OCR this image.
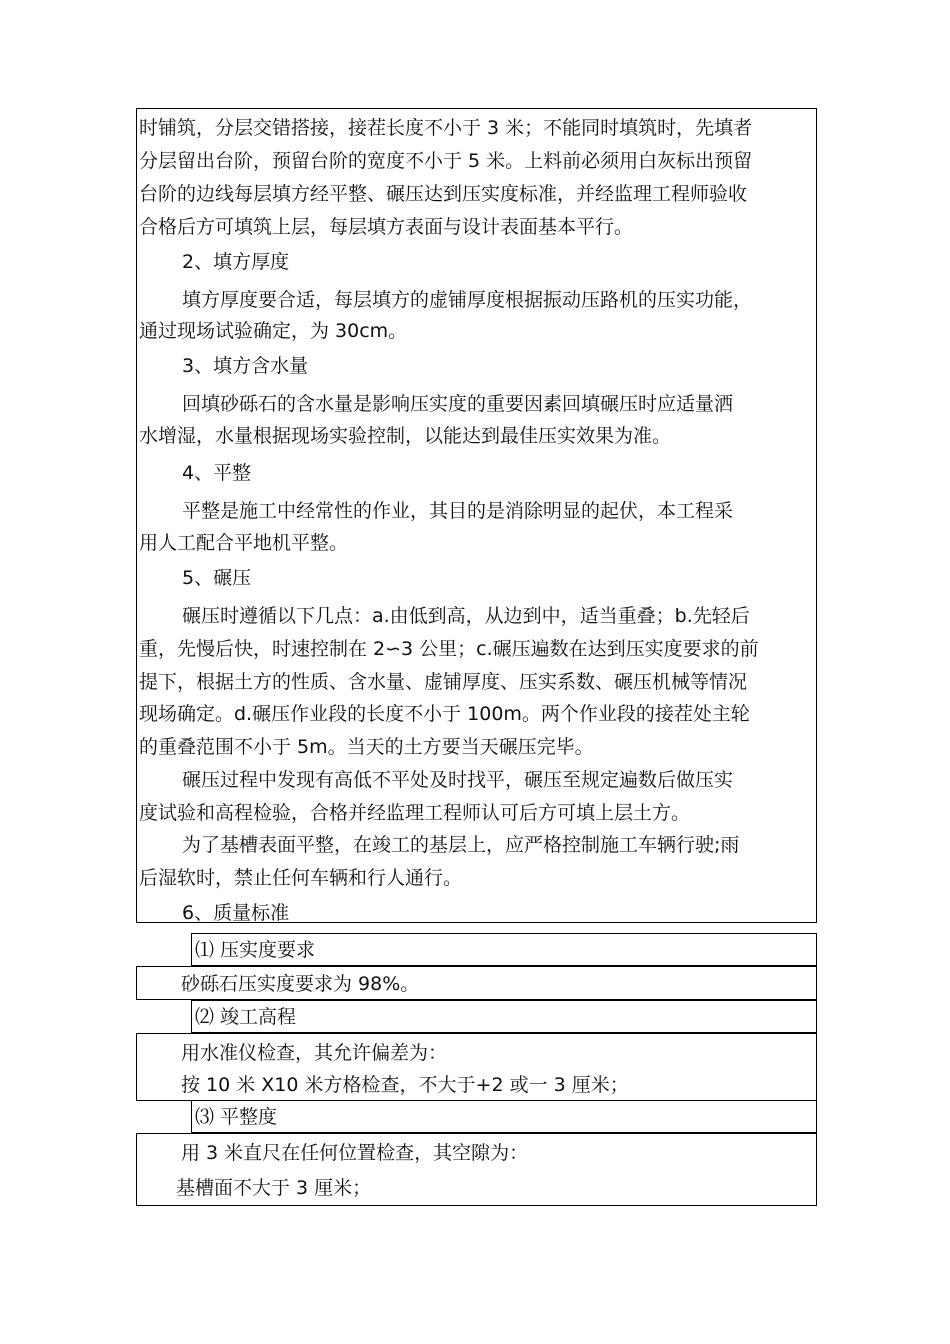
时铺筑，分层交错搭接，接茬长度不小于 3 米；不能同时填筑时，先填者
分层留出台阶，预留台阶的宽度不小于 5 米。上料前必须用白灰标出预留
台阶的边线每层填方经平整、碾压达到压实度标准，并经监理工程师验收
合格后方可填筑上层，每层填方表面与设计表面基本平行。
2、填方厚度
填方厚度要合适，每层填方的虚铺厚度根据振动压路机的压实功能，
通过现场试验确定，为 30cm。
3、填方含水量
回填砂砾石的含水量是影响压实度的重要因素回填碾压时应适量洒
水增湿，水量根据现场实验控制，以能达到最佳压实效果为准。
4、平整
平整是施工中经常性的作业，其目的是消除明显的起伏，本工程采
用人工配合平地机平整。
5、碾压
碾压时遵循以下几点：a.由低到高，从边到中，适当重叠；b.先轻后
重，先慢后快，时速控制在 2∽3 公里；c.碾压遍数在达到压实度要求的前
提下，根据土方的性质、含水量、虚铺厚度、压实系数、碾压机械等情况
现场确定。d.碾压作业段的长度不小于 100m。两个作业段的接茬处主轮
的重叠范围不小于 5m。当天的土方要当天碾压完毕。
碾压过程中发现有高低不平处及时找平，碾压至规定遍数后做压实
度试验和高程检验，合格并经监理工程师认可后方可填上层土方。
为了基槽表面平整，在竣工的基层上，应严格控制施工车辆行驶;雨
后湿软时，禁止任何车辆和行人通行。
6、质量标准
⑴ 压实度要求
砂砾石压实度要求为 98%。
⑵ 竣工高程
用水准仪检查，其允许偏差为：
按 10 米 X10 米方格检查，不大于+2 或一 3 厘米；
⑶ 平整度
用 3 米直尺在任何位置检查，其空隙为：
基槽面不大于 3 厘米；
